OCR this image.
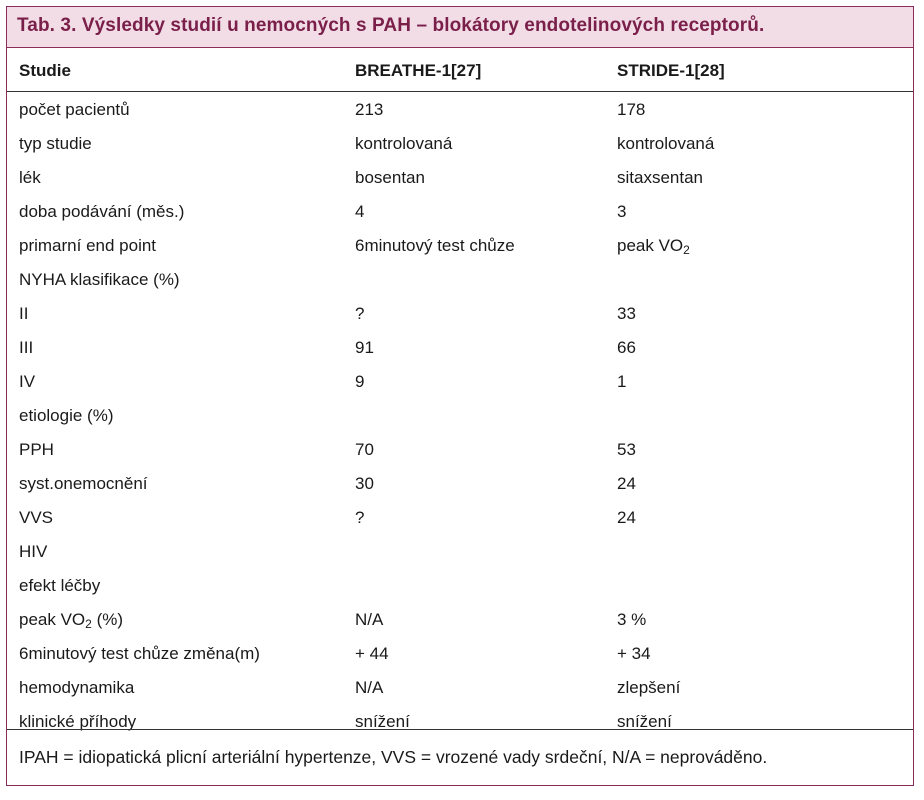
Tab. 3. Výsledky studií u nemocných s PAH – blokátory endotelinových receptorů.
Studie	BREATHE-1[27]	STRIDE-1[28]
počet pacientů	213	178
typ studie	kontrolovaná	kontrolovaná
lék	bosentan	sitaxsentan
doba podávání (měs.)	4	3
primarní end point	6minutový test chůze	peak $VO_2$
NYHA klasifikace (%)
II	?	33
III	91	66
IV	9	1
etiologie (%)
PPH	70	53
syst.onemocnění	30	24
VVS	?	24
HIV
efekt léčby
peak $VO_2$ (%)	N/A	3 %
6minutový test chůze změna(m)	+ 44	+ 34
hemodynamika	N/A	zlepšení
klinické příhody	snížení	snížení
IPAH = idiopatická plicní arteriální hypertenze, VVS = vrozené vady srdeční, N/A = neprováděno.
